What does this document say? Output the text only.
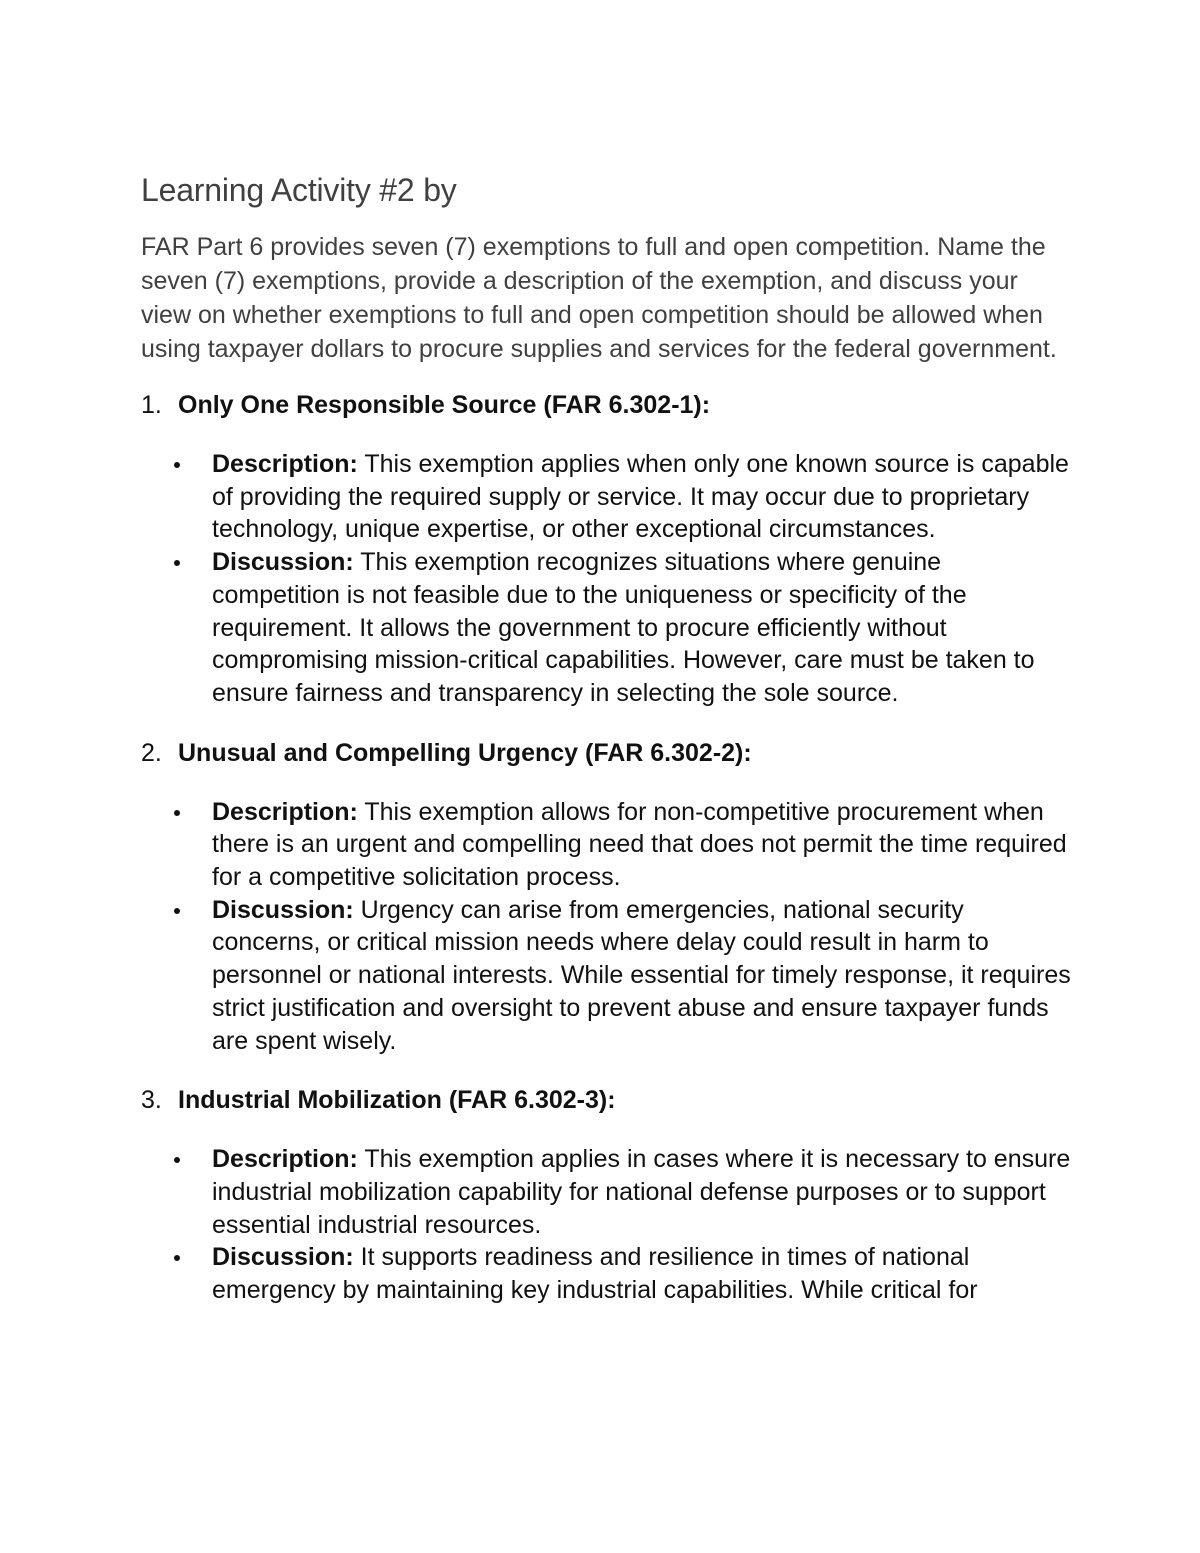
Learning Activity #2 by

FAR Part 6 provides seven (7) exemptions to full and open competition. Name the seven (7) exemptions, provide a description of the exemption, and discuss your view on whether exemptions to full and open competition should be allowed when using taxpayer dollars to procure supplies and services for the federal government.

1. Only One Responsible Source (FAR 6.302-1):
Description: This exemption applies when only one known source is capable of providing the required supply or service. It may occur due to proprietary technology, unique expertise, or other exceptional circumstances.
Discussion: This exemption recognizes situations where genuine competition is not feasible due to the uniqueness or specificity of the requirement. It allows the government to procure efficiently without compromising mission-critical capabilities. However, care must be taken to ensure fairness and transparency in selecting the sole source.
2. Unusual and Compelling Urgency (FAR 6.302-2):
Description: This exemption allows for non-competitive procurement when there is an urgent and compelling need that does not permit the time required for a competitive solicitation process.
Discussion: Urgency can arise from emergencies, national security concerns, or critical mission needs where delay could result in harm to personnel or national interests. While essential for timely response, it requires strict justification and oversight to prevent abuse and ensure taxpayer funds are spent wisely.
3. Industrial Mobilization (FAR 6.302-3):
Description: This exemption applies in cases where it is necessary to ensure industrial mobilization capability for national defense purposes or to support essential industrial resources.
Discussion: It supports readiness and resilience in times of national emergency by maintaining key industrial capabilities. While critical for
